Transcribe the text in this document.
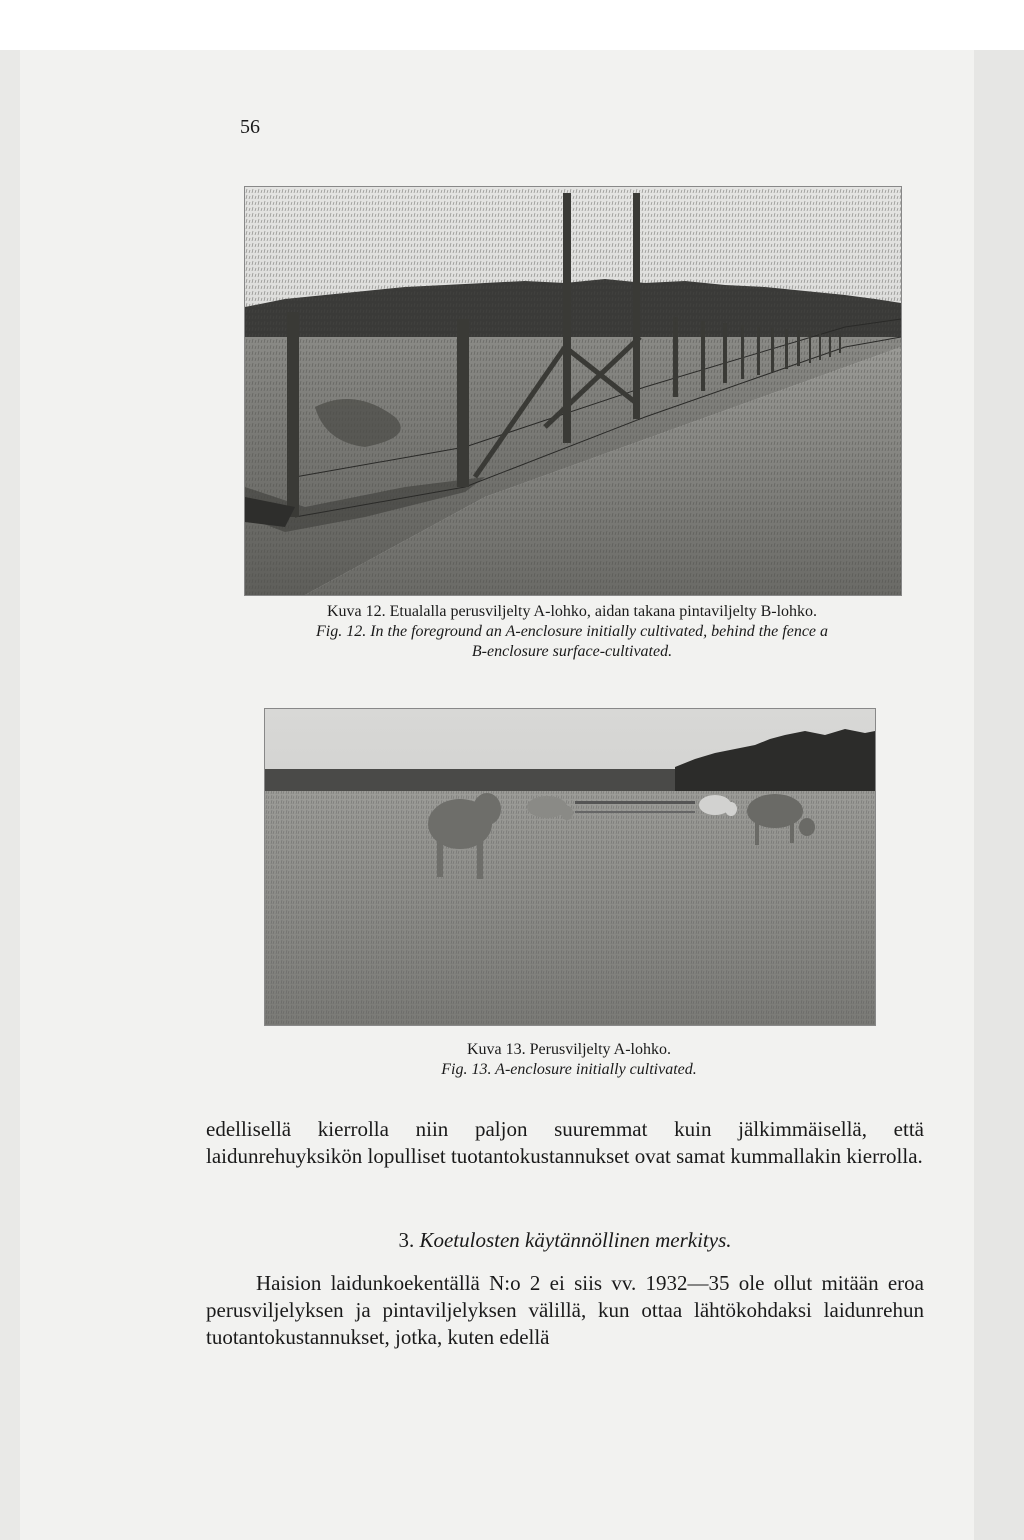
56
Kuva 12. Etualalla perusviljelty A-lohko, aidan takana pintaviljelty B-lohko.
Fig. 12. In the foreground an A-enclosure initially cultivated, behind the fence a
B-enclosure surface-cultivated.
Kuva 13. Perusviljelty A-lohko.
Fig. 13. A-enclosure initially cultivated.
edellisellä kierrolla niin paljon suuremmat kuin jälkimmäisellä, että laidunrehuyksikön lopulliset tuotantokustannukset ovat samat kummallakin kierrolla.
3. Koetulosten käytännöllinen merkitys.
Haision laidunkoekentällä N:o 2 ei siis vv. 1932—35 ole ollut mitään eroa perusviljelyksen ja pintaviljelyksen välillä, kun ottaa lähtökohdaksi laidunrehun tuotantokustannukset, jotka, kuten edellä
